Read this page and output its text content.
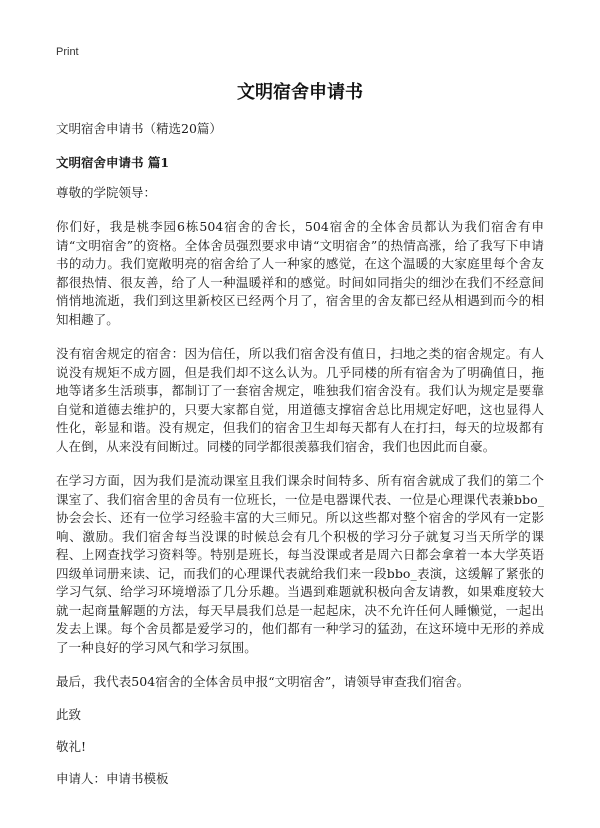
Print

文明宿舍申请书

文明宿舍申请书（精选20篇）

文明宿舍申请书 篇1

尊敬的学院领导：

你们好，我是桃李园6栋504宿舍的舍长，504宿舍的全体舍员都认为我们宿舍有申请“文明宿舍”的资格。全体舍员强烈要求申请“文明宿舍”的热情高涨，给了我写下申请书的动力。我们宽敞明亮的宿舍给了人一种家的感觉，在这个温暖的大家庭里每个舍友都很热情、很友善，给了人一种温暖祥和的感觉。时间如同指尖的细沙在我们不经意间悄悄地流逝，我们到这里新校区已经两个月了，宿舍里的舍友都已经从相遇到而今的相知相趣了。

没有宿舍规定的宿舍：因为信任，所以我们宿舍没有值日，扫地之类的宿舍规定。有人说没有规矩不成方圆，但是我们却不这么认为。几乎同楼的所有宿舍为了明确值日，拖地等诸多生活琐事，都制订了一套宿舍规定，唯独我们宿舍没有。我们认为规定是要靠自觉和道德去维护的，只要大家都自觉，用道德支撑宿舍总比用规定好吧，这也显得人性化，彰显和谐。没有规定，但我们的宿舍卫生却每天都有人在打扫，每天的垃圾都有人在倒，从来没有间断过。同楼的同学都很羡慕我们宿舍，我们也因此而自豪。

在学习方面，因为我们是流动课室且我们课余时间特多、所有宿舍就成了我们的第二个课室了、我们宿舍里的舍员有一位班长，一位是电器课代表、一位是心理课代表兼bbo_协会会长、还有一位学习经验丰富的大三师兄。所以这些都对整个宿舍的学风有一定影响、激励。我们宿舍每当没课的时候总会有几个积极的学习分子就复习当天所学的课程、上网查找学习资料等。特别是班长，每当没课或者是周六日都会拿着一本大学英语四级单词册来读、记，而我们的心理课代表就给我们来一段bbo_表演，这缓解了紧张的学习气氛、给学习环境增添了几分乐趣。当遇到难题就积极向舍友请教，如果难度较大就一起商量解题的方法，每天早晨我们总是一起起床，决不允许任何人睡懒觉，一起出发去上课。每个舍员都是爱学习的，他们都有一种学习的猛劲，在这环境中无形的养成了一种良好的学习风气和学习氛围。

最后，我代表504宿舍的全体舍员申报“文明宿舍”，请领导审查我们宿舍。

此致

敬礼!

申请人：申请书模板
